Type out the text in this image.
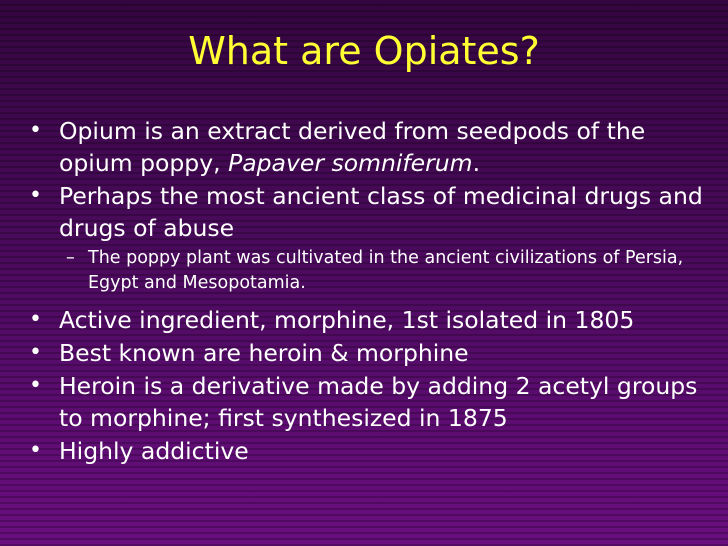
What are Opiates?
• Opium is an extract derived from seedpods of the opium poppy, Papaver somniferum.
• Perhaps the most ancient class of medicinal drugs and drugs of abuse
– The poppy plant was cultivated in the ancient civilizations of Persia, Egypt and Mesopotamia.
• Active ingredient, morphine, 1st isolated in 1805
• Best known are heroin & morphine
• Heroin is a derivative made by adding 2 acetyl groups to morphine; first synthesized in 1875
• Highly addictive
